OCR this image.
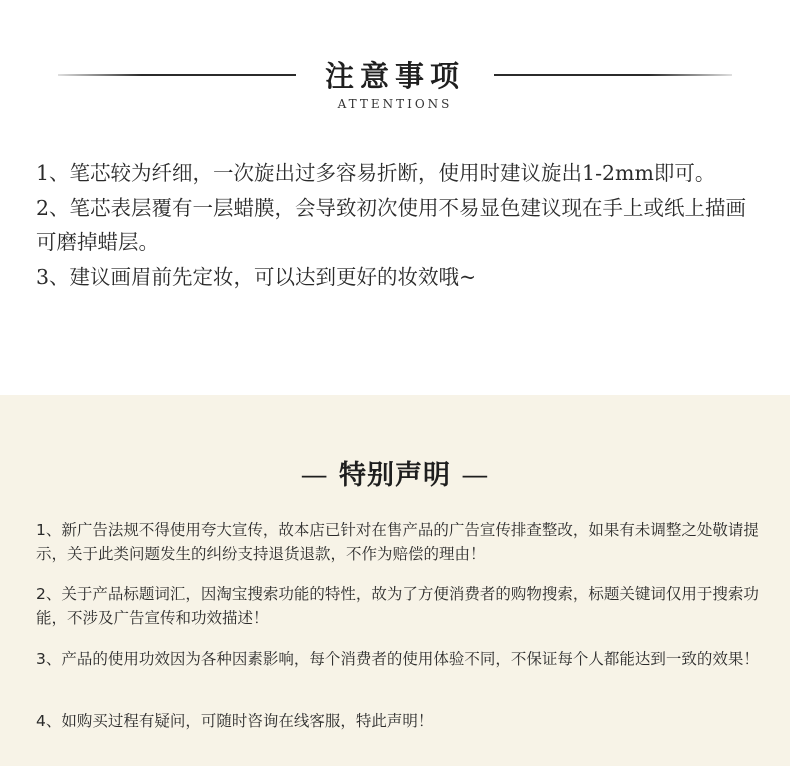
注意事项
ATTENTIONS

1、笔芯较为纤细，一次旋出过多容易折断，使用时建议旋出1-2mm即可。

2、笔芯表层覆有一层蜡膜，会导致初次使用不易显色建议现在手上或纸上描画可磨掉蜡层。

3、建议画眉前先定妆，可以达到更好的妆效哦~

— 特别声明 —

1、新广告法规不得使用夸大宣传，故本店已针对在售产品的广告宣传排查整改，如果有未调整之处敬请提示，关于此类问题发生的纠纷支持退货退款，不作为赔偿的理由！

2、关于产品标题词汇，因淘宝搜索功能的特性，故为了方便消费者的购物搜索，标题关键词仅用于搜索功能，不涉及广告宣传和功效描述！

3、产品的使用功效因为各种因素影响，每个消费者的使用体验不同，不保证每个人都能达到一致的效果！

4、如购买过程有疑问，可随时咨询在线客服，特此声明！
